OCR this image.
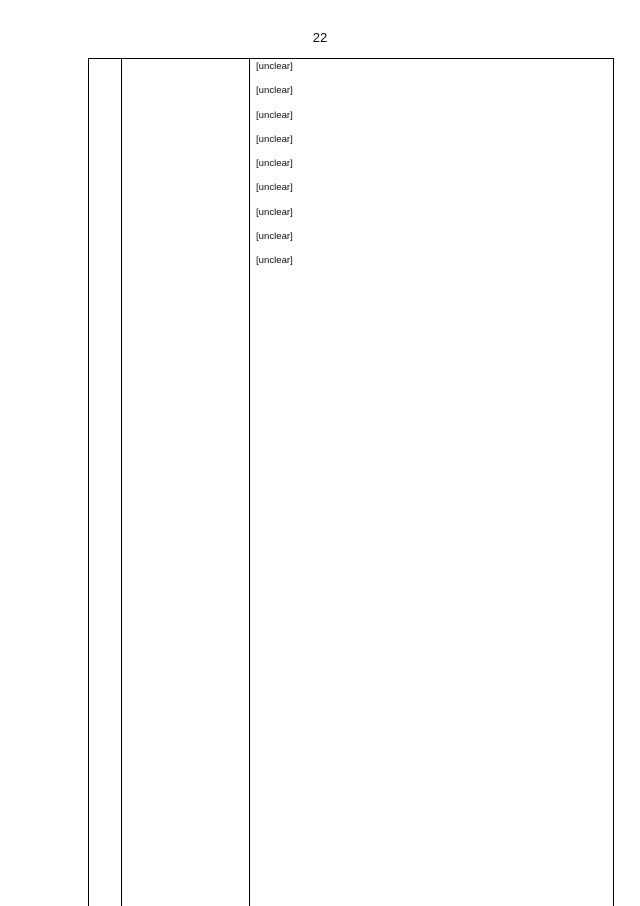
22

[unclear]

[unclear]

[unclear]

[unclear]

[unclear]

[unclear]

[unclear]

[unclear]

[unclear]
